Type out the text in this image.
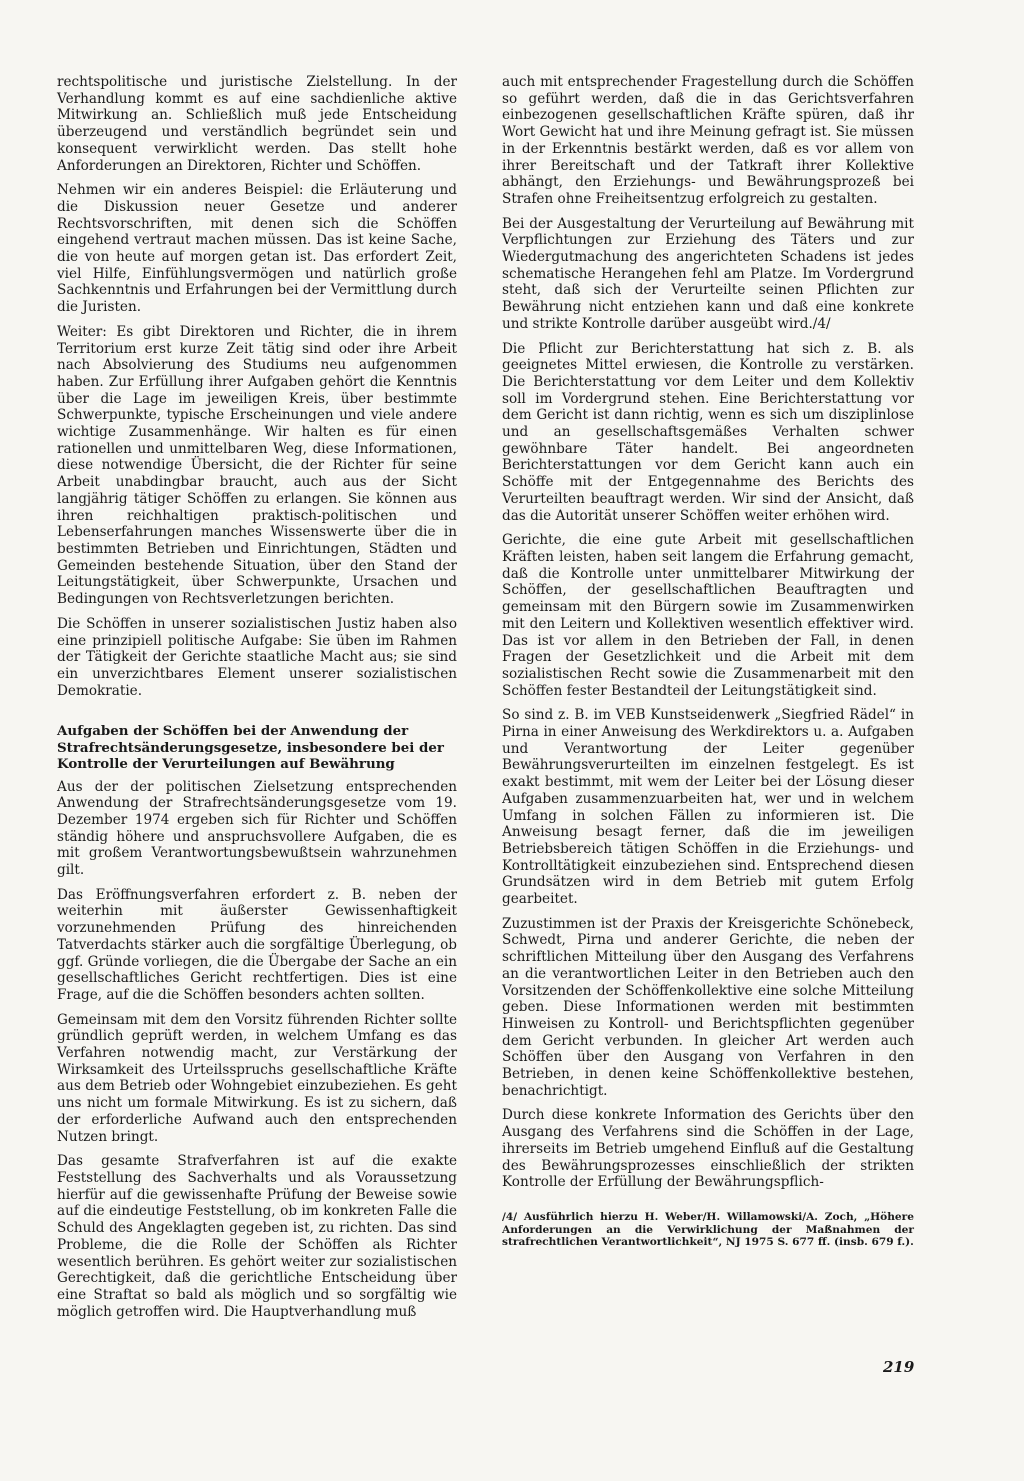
rechtspolitische und juristische Zielstellung. In der Verhandlung kommt es auf eine sachdienliche aktive Mitwirkung an. Schließlich muß jede Entscheidung überzeugend und verständlich begründet sein und konsequent verwirklicht werden. Das stellt hohe Anforderungen an Direktoren, Richter und Schöffen.

Nehmen wir ein anderes Beispiel: die Erläuterung und die Diskussion neuer Gesetze und anderer Rechtsvorschriften, mit denen sich die Schöffen eingehend vertraut machen müssen. Das ist keine Sache, die von heute auf morgen getan ist. Das erfordert Zeit, viel Hilfe, Einfühlungsvermögen und natürlich große Sachkenntnis und Erfahrungen bei der Vermittlung durch die Juristen.

Weiter: Es gibt Direktoren und Richter, die in ihrem Territorium erst kurze Zeit tätig sind oder ihre Arbeit nach Absolvierung des Studiums neu aufgenommen haben. Zur Erfüllung ihrer Aufgaben gehört die Kenntnis über die Lage im jeweiligen Kreis, über bestimmte Schwerpunkte, typische Erscheinungen und viele andere wichtige Zusammenhänge. Wir halten es für einen rationellen und unmittelbaren Weg, diese Informationen, diese notwendige Übersicht, die der Richter für seine Arbeit unabdingbar braucht, auch aus der Sicht langjährig tätiger Schöffen zu erlangen. Sie können aus ihren reichhaltigen praktisch-politischen und Lebenserfahrungen manches Wissenswerte über die in bestimmten Betrieben und Einrichtungen, Städten und Gemeinden bestehende Situation, über den Stand der Leitungstätigkeit, über Schwerpunkte, Ursachen und Bedingungen von Rechtsverletzungen berichten.

Die Schöffen in unserer sozialistischen Justiz haben also eine prinzipiell politische Aufgabe: Sie üben im Rahmen der Tätigkeit der Gerichte staatliche Macht aus; sie sind ein unverzichtbares Element unserer sozialistischen Demokratie.

Aufgaben der Schöffen bei der Anwendung der Strafrechtsänderungsgesetze, insbesondere bei der Kontrolle der Verurteilungen auf Bewährung

Aus der der politischen Zielsetzung entsprechenden Anwendung der Strafrechtsänderungsgesetze vom 19. Dezember 1974 ergeben sich für Richter und Schöffen ständig höhere und anspruchsvollere Aufgaben, die es mit großem Verantwortungsbewußtsein wahrzunehmen gilt.

Das Eröffnungsverfahren erfordert z. B. neben der weiterhin mit äußerster Gewissenhaftigkeit vorzunehmenden Prüfung des hinreichenden Tatverdachts stärker auch die sorgfältige Überlegung, ob ggf. Gründe vorliegen, die die Übergabe der Sache an ein gesellschaftliches Gericht rechtfertigen. Dies ist eine Frage, auf die die Schöffen besonders achten sollten.

Gemeinsam mit dem den Vorsitz führenden Richter sollte gründlich geprüft werden, in welchem Umfang es das Verfahren notwendig macht, zur Verstärkung der Wirksamkeit des Urteilsspruchs gesellschaftliche Kräfte aus dem Betrieb oder Wohngebiet einzubeziehen. Es geht uns nicht um formale Mitwirkung. Es ist zu sichern, daß der erforderliche Aufwand auch den entsprechenden Nutzen bringt.

Das gesamte Strafverfahren ist auf die exakte Feststellung des Sachverhalts und als Voraussetzung hierfür auf die gewissenhafte Prüfung der Beweise sowie auf die eindeutige Feststellung, ob im konkreten Falle die Schuld des Angeklagten gegeben ist, zu richten. Das sind Probleme, die die Rolle der Schöffen als Richter wesentlich berühren. Es gehört weiter zur sozialistischen Gerechtigkeit, daß die gerichtliche Entscheidung über eine Straftat so bald als möglich und so sorgfältig wie möglich getroffen wird. Die Hauptverhandlung muß

auch mit entsprechender Fragestellung durch die Schöffen so geführt werden, daß die in das Gerichtsverfahren einbezogenen gesellschaftlichen Kräfte spüren, daß ihr Wort Gewicht hat und ihre Meinung gefragt ist. Sie müssen in der Erkenntnis bestärkt werden, daß es vor allem von ihrer Bereitschaft und der Tatkraft ihrer Kollektive abhängt, den Erziehungs- und Bewährungsprozeß bei Strafen ohne Freiheitsentzug erfolgreich zu gestalten.

Bei der Ausgestaltung der Verurteilung auf Bewährung mit Verpflichtungen zur Erziehung des Täters und zur Wiedergutmachung des angerichteten Schadens ist jedes schematische Herangehen fehl am Platze. Im Vordergrund steht, daß sich der Verurteilte seinen Pflichten zur Bewährung nicht entziehen kann und daß eine konkrete und strikte Kontrolle darüber ausgeübt wird./4/

Die Pflicht zur Berichterstattung hat sich z. B. als geeignetes Mittel erwiesen, die Kontrolle zu verstärken. Die Berichterstattung vor dem Leiter und dem Kollektiv soll im Vordergrund stehen. Eine Berichterstattung vor dem Gericht ist dann richtig, wenn es sich um disziplinlose und an gesellschaftsgemäßes Verhalten schwer gewöhnbare Täter handelt. Bei angeordneten Berichterstattungen vor dem Gericht kann auch ein Schöffe mit der Entgegennahme des Berichts des Verurteilten beauftragt werden. Wir sind der Ansicht, daß das die Autorität unserer Schöffen weiter erhöhen wird.

Gerichte, die eine gute Arbeit mit gesellschaftlichen Kräften leisten, haben seit langem die Erfahrung gemacht, daß die Kontrolle unter unmittelbarer Mitwirkung der Schöffen, der gesellschaftlichen Beauftragten und gemeinsam mit den Bürgern sowie im Zusammenwirken mit den Leitern und Kollektiven wesentlich effektiver wird. Das ist vor allem in den Betrieben der Fall, in denen Fragen der Gesetzlichkeit und die Arbeit mit dem sozialistischen Recht sowie die Zusammenarbeit mit den Schöffen fester Bestandteil der Leitungstätigkeit sind.

So sind z. B. im VEB Kunstseidenwerk „Siegfried Rädel“ in Pirna in einer Anweisung des Werkdirektors u. a. Aufgaben und Verantwortung der Leiter gegenüber Bewährungsverurteilten im einzelnen festgelegt. Es ist exakt bestimmt, mit wem der Leiter bei der Lösung dieser Aufgaben zusammenzuarbeiten hat, wer und in welchem Umfang in solchen Fällen zu informieren ist. Die Anweisung besagt ferner, daß die im jeweiligen Betriebsbereich tätigen Schöffen in die Erziehungs- und Kontrolltätigkeit einzubeziehen sind. Entsprechend diesen Grundsätzen wird in dem Betrieb mit gutem Erfolg gearbeitet.

Zuzustimmen ist der Praxis der Kreisgerichte Schönebeck, Schwedt, Pirna und anderer Gerichte, die neben der schriftlichen Mitteilung über den Ausgang des Verfahrens an die verantwortlichen Leiter in den Betrieben auch den Vorsitzenden der Schöffenkollektive eine solche Mitteilung geben. Diese Informationen werden mit bestimmten Hinweisen zu Kontroll- und Berichtspflichten gegenüber dem Gericht verbunden. In gleicher Art werden auch Schöffen über den Ausgang von Verfahren in den Betrieben, in denen keine Schöffenkollektive bestehen, benachrichtigt.

Durch diese konkrete Information des Gerichts über den Ausgang des Verfahrens sind die Schöffen in der Lage, ihrerseits im Betrieb umgehend Einfluß auf die Gestaltung des Bewährungsprozesses einschließlich der strikten Kontrolle der Erfüllung der Bewährungspflich-

/4/ Ausführlich hierzu H. Weber/H. Willamowski/A. Zoch, „Höhere Anforderungen an die Verwirklichung der Maßnahmen der strafrechtlichen Verantwortlichkeit“, NJ 1975 S. 677 ff. (insb. 679 f.).
219
